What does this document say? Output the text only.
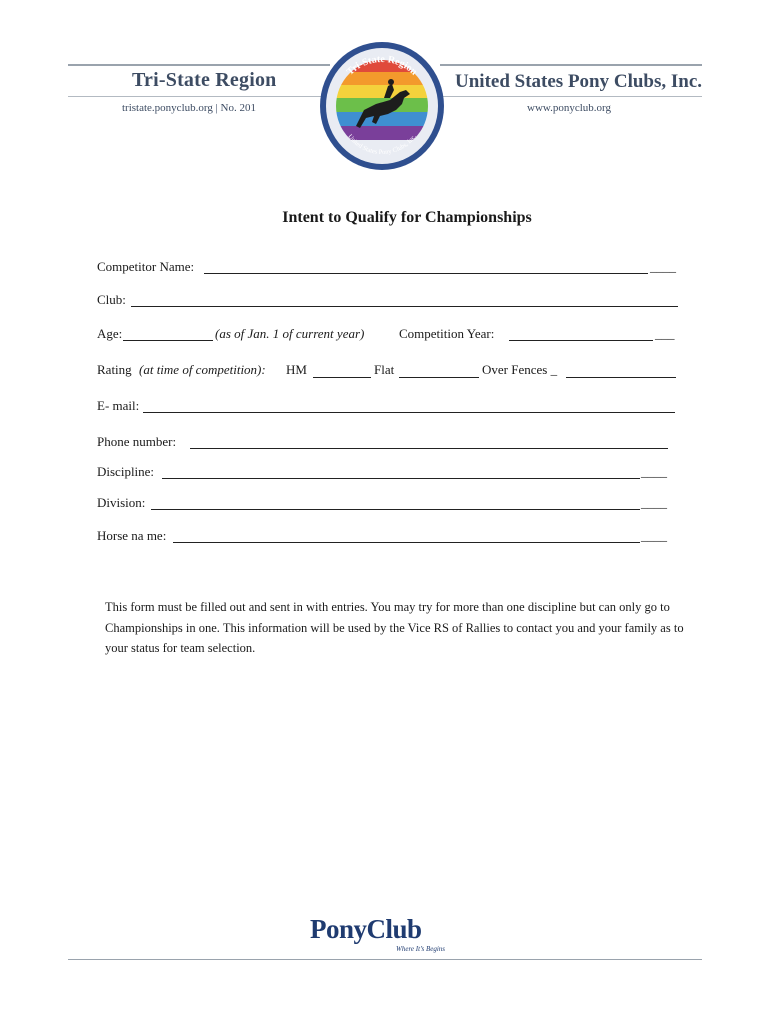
Tri-State Region
tristate.ponyclub.org | No. 201
United States Pony Clubs, Inc.
www.ponyclub.org
Tri-State Region
United States Pony Clubs, Inc.
Intent to Qualify for Championships
Competitor Name:	____
Club:
Age:	(as of Jan. 1 of current year)	Competition Year:	___
Rating (at time of competition): HM	Flat	Over Fences _
E- mail:
Phone number:
Discipline:	____
Division:	____
Horse na me:	____
This form must be filled out and sent in with entries. You may try for more than one discipline but can only go to Championships in one. This information will be used by the Vice RS of Rallies to contact you and your family as to your status for team selection.
PonyClub
Where It’s Begins
